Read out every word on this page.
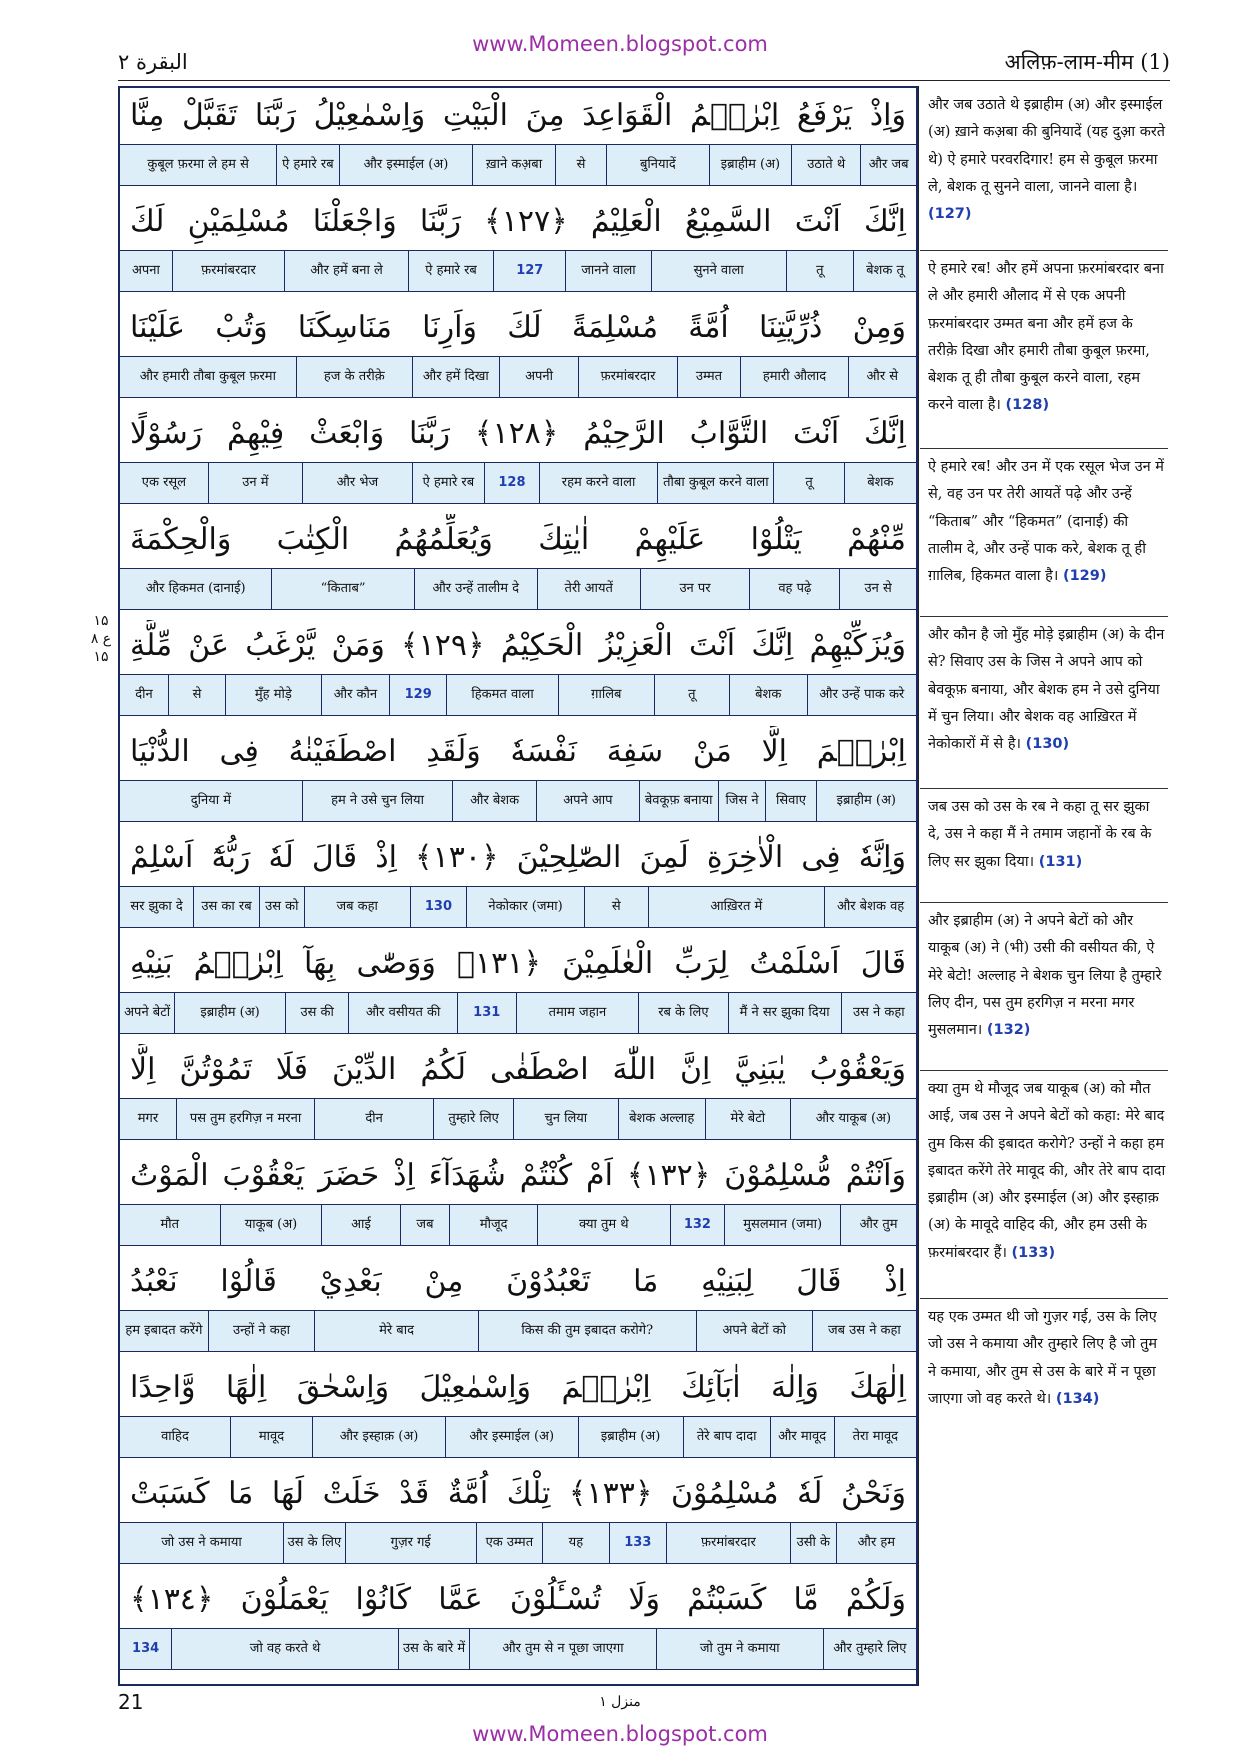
www.Momeen.blogspot.com
البقرة ٢	अलिफ़-लाम-मीम (1)
وَاِذْ يَرْفَعُ اِبْرٰهٖمُ الْقَوَاعِدَ مِنَ الْبَيْتِ وَاِسْمٰعِيْلُ رَبَّنَا تَقَبَّلْ مِنَّا
और जब
उठाते थे
इब्राहीम (अ)
बुनियादें
से
ख़ाने कअ़बा
और इस्माईल (अ)
ऐ हमारे रब
कुबूल फ़रमा ले हम से
اِنَّكَ اَنْتَ السَّمِيْعُ الْعَلِيْمُ ﴿١٢٧﴾ رَبَّنَا وَاجْعَلْنَا مُسْلِمَيْنِ لَكَ
बेशक तू
तू
सुनने वाला
जानने वाला
127
ऐ हमारे रब
और हमें बना ले
फ़रमांबरदार
अपना
وَمِنْ ذُرِّيَّتِنَا اُمَّةً مُسْلِمَةً لَكَ وَاَرِنَا مَنَاسِكَنَا وَتُبْ عَلَيْنَا
और से
हमारी औलाद
उम्मत
फ़रमांबरदार
अपनी
और हमें दिखा
हज के तरीक़े
और हमारी तौबा कुबूल फ़रमा
اِنَّكَ اَنْتَ التَّوَّابُ الرَّحِيْمُ ﴿١٢٨﴾ رَبَّنَا وَابْعَثْ فِيْهِمْ رَسُوْلًا
बेशक
तू
तौबा कुबूल करने वाला
रहम करने वाला
128
ऐ हमारे रब
और भेज
उन में
एक रसूल
مِّنْهُمْ يَتْلُوْا عَلَيْهِمْ اٰيٰتِكَ وَيُعَلِّمُهُمُ الْكِتٰبَ وَالْحِكْمَةَ
उन से
वह पढ़े
उन पर
तेरी आयतें
और उन्हें तालीम दे
“किताब”
और हिकमत (दानाई)
وَيُزَكِّيْهِمْ اِنَّكَ اَنْتَ الْعَزِيْزُ الْحَكِيْمُ ﴿١٢٩﴾ وَمَنْ يَّرْغَبُ عَنْ مِّلَّةِ
और उन्हें पाक करे
बेशक
तू
ग़ालिब
हिकमत वाला
129
और कौन
मुँह मोड़े
से
दीन
اِبْرٰهٖمَ اِلَّا مَنْ سَفِهَ نَفْسَهٗ وَلَقَدِ اصْطَفَيْنٰهُ فِى الدُّنْيَا
इब्राहीम (अ)
सिवाए
जिस ने
बेवकूफ़ बनाया
अपने आप
और बेशक
हम ने उसे चुन लिया
दुनिया में
وَاِنَّهٗ فِى الْاٰخِرَةِ لَمِنَ الصّٰلِحِيْنَ ﴿١٣٠﴾ اِذْ قَالَ لَهٗ رَبُّهٗٓ اَسْلِمْ
और बेशक वह
आख़िरत में
से
नेकोकार (जमा)
130
जब कहा
उस को
उस का रब
सर झुका दे
قَالَ اَسْلَمْتُ لِرَبِّ الْعٰلَمِيْنَ ﴿١٣١﴾ وَوَصّٰى بِهَآ اِبْرٰهٖمُ بَنِيْهِ
उस ने कहा
मैं ने सर झुका दिया
रब के लिए
तमाम जहान
131
और वसीयत की
उस की
इब्राहीम (अ)
अपने बेटों
وَيَعْقُوْبُ يٰبَنِيَّ اِنَّ اللّٰهَ اصْطَفٰى لَكُمُ الدِّيْنَ فَلَا تَمُوْتُنَّ اِلَّا
और याकूब (अ)
मेरे बेटो
बेशक अल्लाह
चुन लिया
तुम्हारे लिए
दीन
पस तुम हरगिज़ न मरना
मगर
وَاَنْتُمْ مُّسْلِمُوْنَ ﴿١٣٢﴾ اَمْ كُنْتُمْ شُهَدَآءَ اِذْ حَضَرَ يَعْقُوْبَ الْمَوْتُ
और तुम
मुसलमान (जमा)
132
क्या तुम थे
मौजूद
जब
आई
याकूब (अ)
मौत
اِذْ قَالَ لِبَنِيْهِ مَا تَعْبُدُوْنَ مِنْ بَعْدِيْ قَالُوْا نَعْبُدُ
जब उस ने कहा
अपने बेटों को
किस की तुम इबादत करोगे?
मेरे बाद
उन्हों ने कहा
हम इबादत करेंगे
اِلٰهَكَ وَاِلٰهَ اٰبَآئِكَ اِبْرٰهٖمَ وَاِسْمٰعِيْلَ وَاِسْحٰقَ اِلٰهًا وَّاحِدًا
तेरा मावूद
और मावूद
तेरे बाप दादा
इब्राहीम (अ)
और इस्माईल (अ)
और इस्हाक़ (अ)
मावूद
वाहिद
وَنَحْنُ لَهٗ مُسْلِمُوْنَ ﴿١٣٣﴾ تِلْكَ اُمَّةٌ قَدْ خَلَتْ لَهَا مَا كَسَبَتْ
और हम
उसी के
फ़रमांबरदार
133
यह
एक उम्मत
गुज़र गई
उस के लिए
जो उस ने कमाया
وَلَكُمْ مَّا كَسَبْتُمْ وَلَا تُسْـَٔلُوْنَ عَمَّا كَانُوْا يَعْمَلُوْنَ ﴿١٣٤﴾
और तुम्हारे लिए
जो तुम ने कमाया
और तुम से न पूछा जाएगा
उस के बारे में
जो वह करते थे
134
और जब उठाते थे इब्राहीम (अ) और इस्माईल (अ) ख़ाने कअ़बा की बुनियादें (यह दुआ़ करते थे) ऐ हमारे परवरदिगार! हम से कुबूल फ़रमा ले, बेशक तू सुनने वाला, जानने वाला है। (127)
ऐ हमारे रब! और हमें अपना फ़रमांबरदार बना ले और हमारी औलाद में से एक अपनी फ़रमांबरदार उम्मत बना और हमें हज के तरीक़े दिखा और हमारी तौबा कुबूल फ़रमा, बेशक तू ही तौबा कुबूल करने वाला, रहम करने वाला है। (128)
ऐ हमारे रब! और उन में एक रसूल भेज उन में से, वह उन पर तेरी आयतें पढ़े और उन्हें “किताब” और “हिकमत” (दानाई) की तालीम दे, और उन्हें पाक करे, बेशक तू ही ग़ालिब, हिकमत वाला है। (129)
और कौन है जो मुँह मोड़े इब्राहीम (अ) के दीन से? सिवाए उस के जिस ने अपने आप को बेवकूफ़ बनाया, और बेशक हम ने उसे दुनिया में चुन लिया। और बेशक वह आख़िरत में नेकोकारों में से है। (130)
जब उस को उस के रब ने कहा तू सर झुका दे, उस ने कहा मैं ने तमाम जहानों के रब के लिए सर झुका दिया। (131)
और इब्राहीम (अ) ने अपने बेटों को और याकूब (अ) ने (भी) उसी की वसीयत की, ऐ मेरे बेटो! अल्लाह ने बेशक चुन लिया है तुम्हारे लिए दीन, पस तुम हरगिज़ न मरना मगर मुसलमान। (132)
क्या तुम थे मौजूद जब याकूब (अ) को मौत आई, जब उस ने अपने बेटों को कहा: मेरे बाद तुम किस की इबादत करोगे? उन्हों ने कहा हम इबादत करेंगे तेरे मावूद की, और तेरे बाप दादा इब्राहीम (अ) और इस्माईल (अ) और इस्हाक़ (अ) के मावूदे वाहिद की, और हम उसी के फ़रमांबरदार हैं। (133)
यह एक उम्मत थी जो गुज़र गई, उस के लिए जो उस ने कमाया और तुम्हारे लिए है जो तुम ने कमाया, और तुम से उस के बारे में न पूछा जाएगा जो वह करते थे। (134)
۱۵ ع ۸ ۱۵
21	منزل ١
www.Momeen.blogspot.com
